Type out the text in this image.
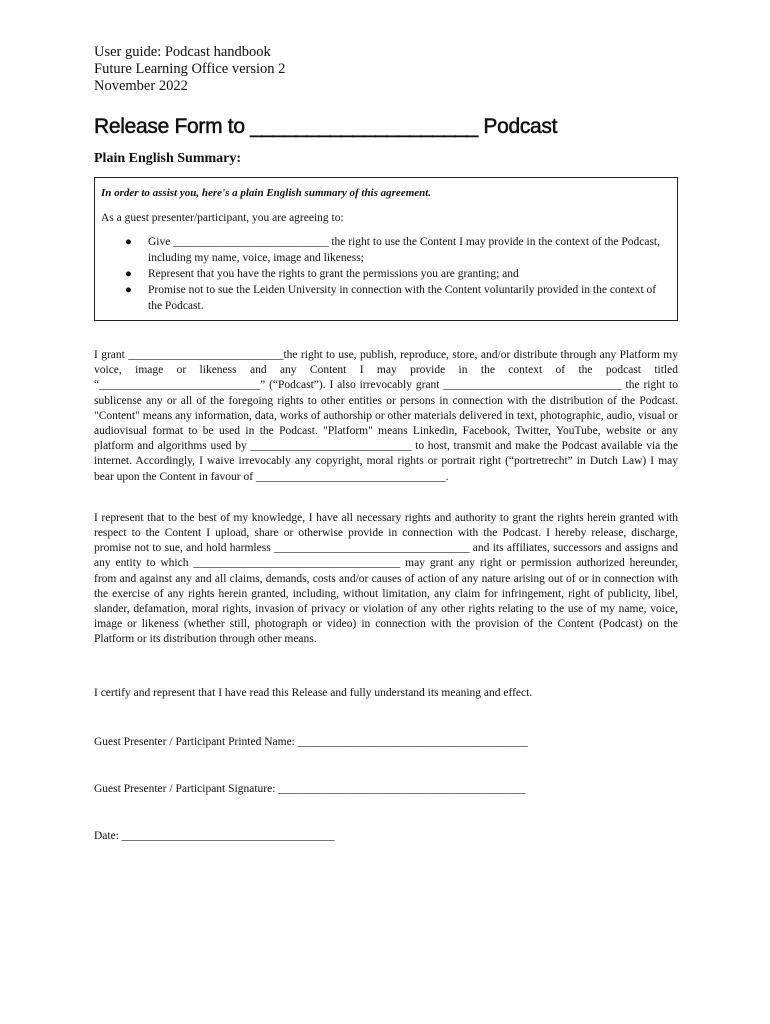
User guide: Podcast handbook
Future Learning Office version 2
November 2022
Release Form to ____________________ Podcast
Plain English Summary:
In order to assist you, here's a plain English summary of this agreement.
As a guest presenter/participant, you are agreeing to:
● Give ___________________________ the right to use the Content I may provide in the context of the Podcast, including my name, voice, image and likeness;
● Represent that you have the rights to grant the permissions you are granting; and
● Promise not to sue the Leiden University in connection with the Content voluntarily provided in the context of the Podcast.
I grant ___________________________the right to use, publish, reproduce, store, and/or distribute through any Platform my voice, image or likeness and any Content I may provide in the context of the podcast titled “____________________________” (“Podcast”). I also irrevocably grant _______________________________ the right to sublicense any or all of the foregoing rights to other entities or persons in connection with the distribution of the Podcast. "Content" means any information, data, works of authorship or other materials delivered in text, photographic, audio, visual or audiovisual format to be used in the Podcast. "Platform" means Linkedin, Facebook, Twitter, YouTube, website or any platform and algorithms used by ____________________________ to host, transmit and make the Podcast available via the internet. Accordingly, I waive irrevocably any copyright, moral rights or portrait right (“portretrecht” in Dutch Law) I may bear upon the Content in favour of _________________________________.
I represent that to the best of my knowledge, I have all necessary rights and authority to grant the rights herein granted with respect to the Content I upload, share or otherwise provide in connection with the Podcast. I hereby release, discharge, promise not to sue, and hold harmless __________________________________ and its affiliates, successors and assigns and any entity to which ____________________________________ may grant any right or permission authorized hereunder, from and against any and all claims, demands, costs and/or causes of action of any nature arising out of or in connection with the exercise of any rights herein granted, including, without limitation, any claim for infringement, right of publicity, libel, slander, defamation, moral rights, invasion of privacy or violation of any other rights relating to the use of my name, voice, image or likeness (whether still, photograph or video) in connection with the provision of the Content (Podcast) on the Platform or its distribution through other means.
I certify and represent that I have read this Release and fully understand its meaning and effect.
Guest Presenter / Participant Printed Name: ________________________________________
Guest Presenter / Participant Signature: ___________________________________________
Date: _____________________________________
